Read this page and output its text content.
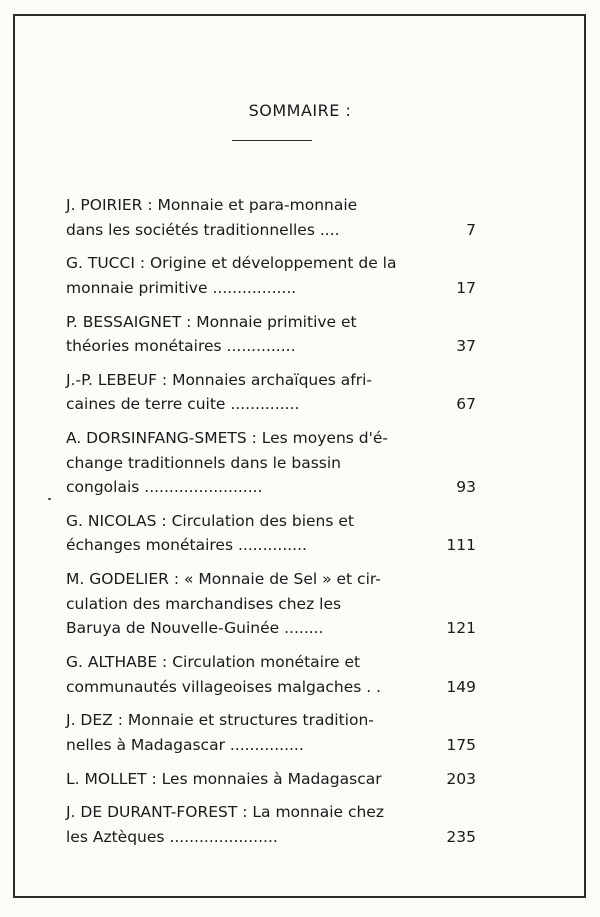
SOMMAIRE :
J. POIRIER : Monnaie et para-monnaie
dans les sociétés traditionnelles ....	7
G. TUCCI : Origine et développement de la
monnaie primitive .................	17
P. BESSAIGNET : Monnaie primitive et
théories monétaires ..............	37
J.-P. LEBEUF : Monnaies archaïques afri-
caines de terre cuite ..............	67
A. DORSINFANG-SMETS : Les moyens d'é-
change traditionnels dans le bassin
congolais ........................	93
G. NICOLAS : Circulation des biens et
échanges monétaires ..............	111
M. GODELIER : « Monnaie de Sel » et cir-
culation des marchandises chez les
Baruya de Nouvelle-Guinée ........	121
G. ALTHABE : Circulation monétaire et
communautés villageoises malgaches . .	149
J. DEZ : Monnaie et structures tradition-
nelles à Madagascar ...............	175
L. MOLLET : Les monnaies à Madagascar	203
J. DE DURANT-FOREST : La monnaie chez
les Aztèques ......................	235
